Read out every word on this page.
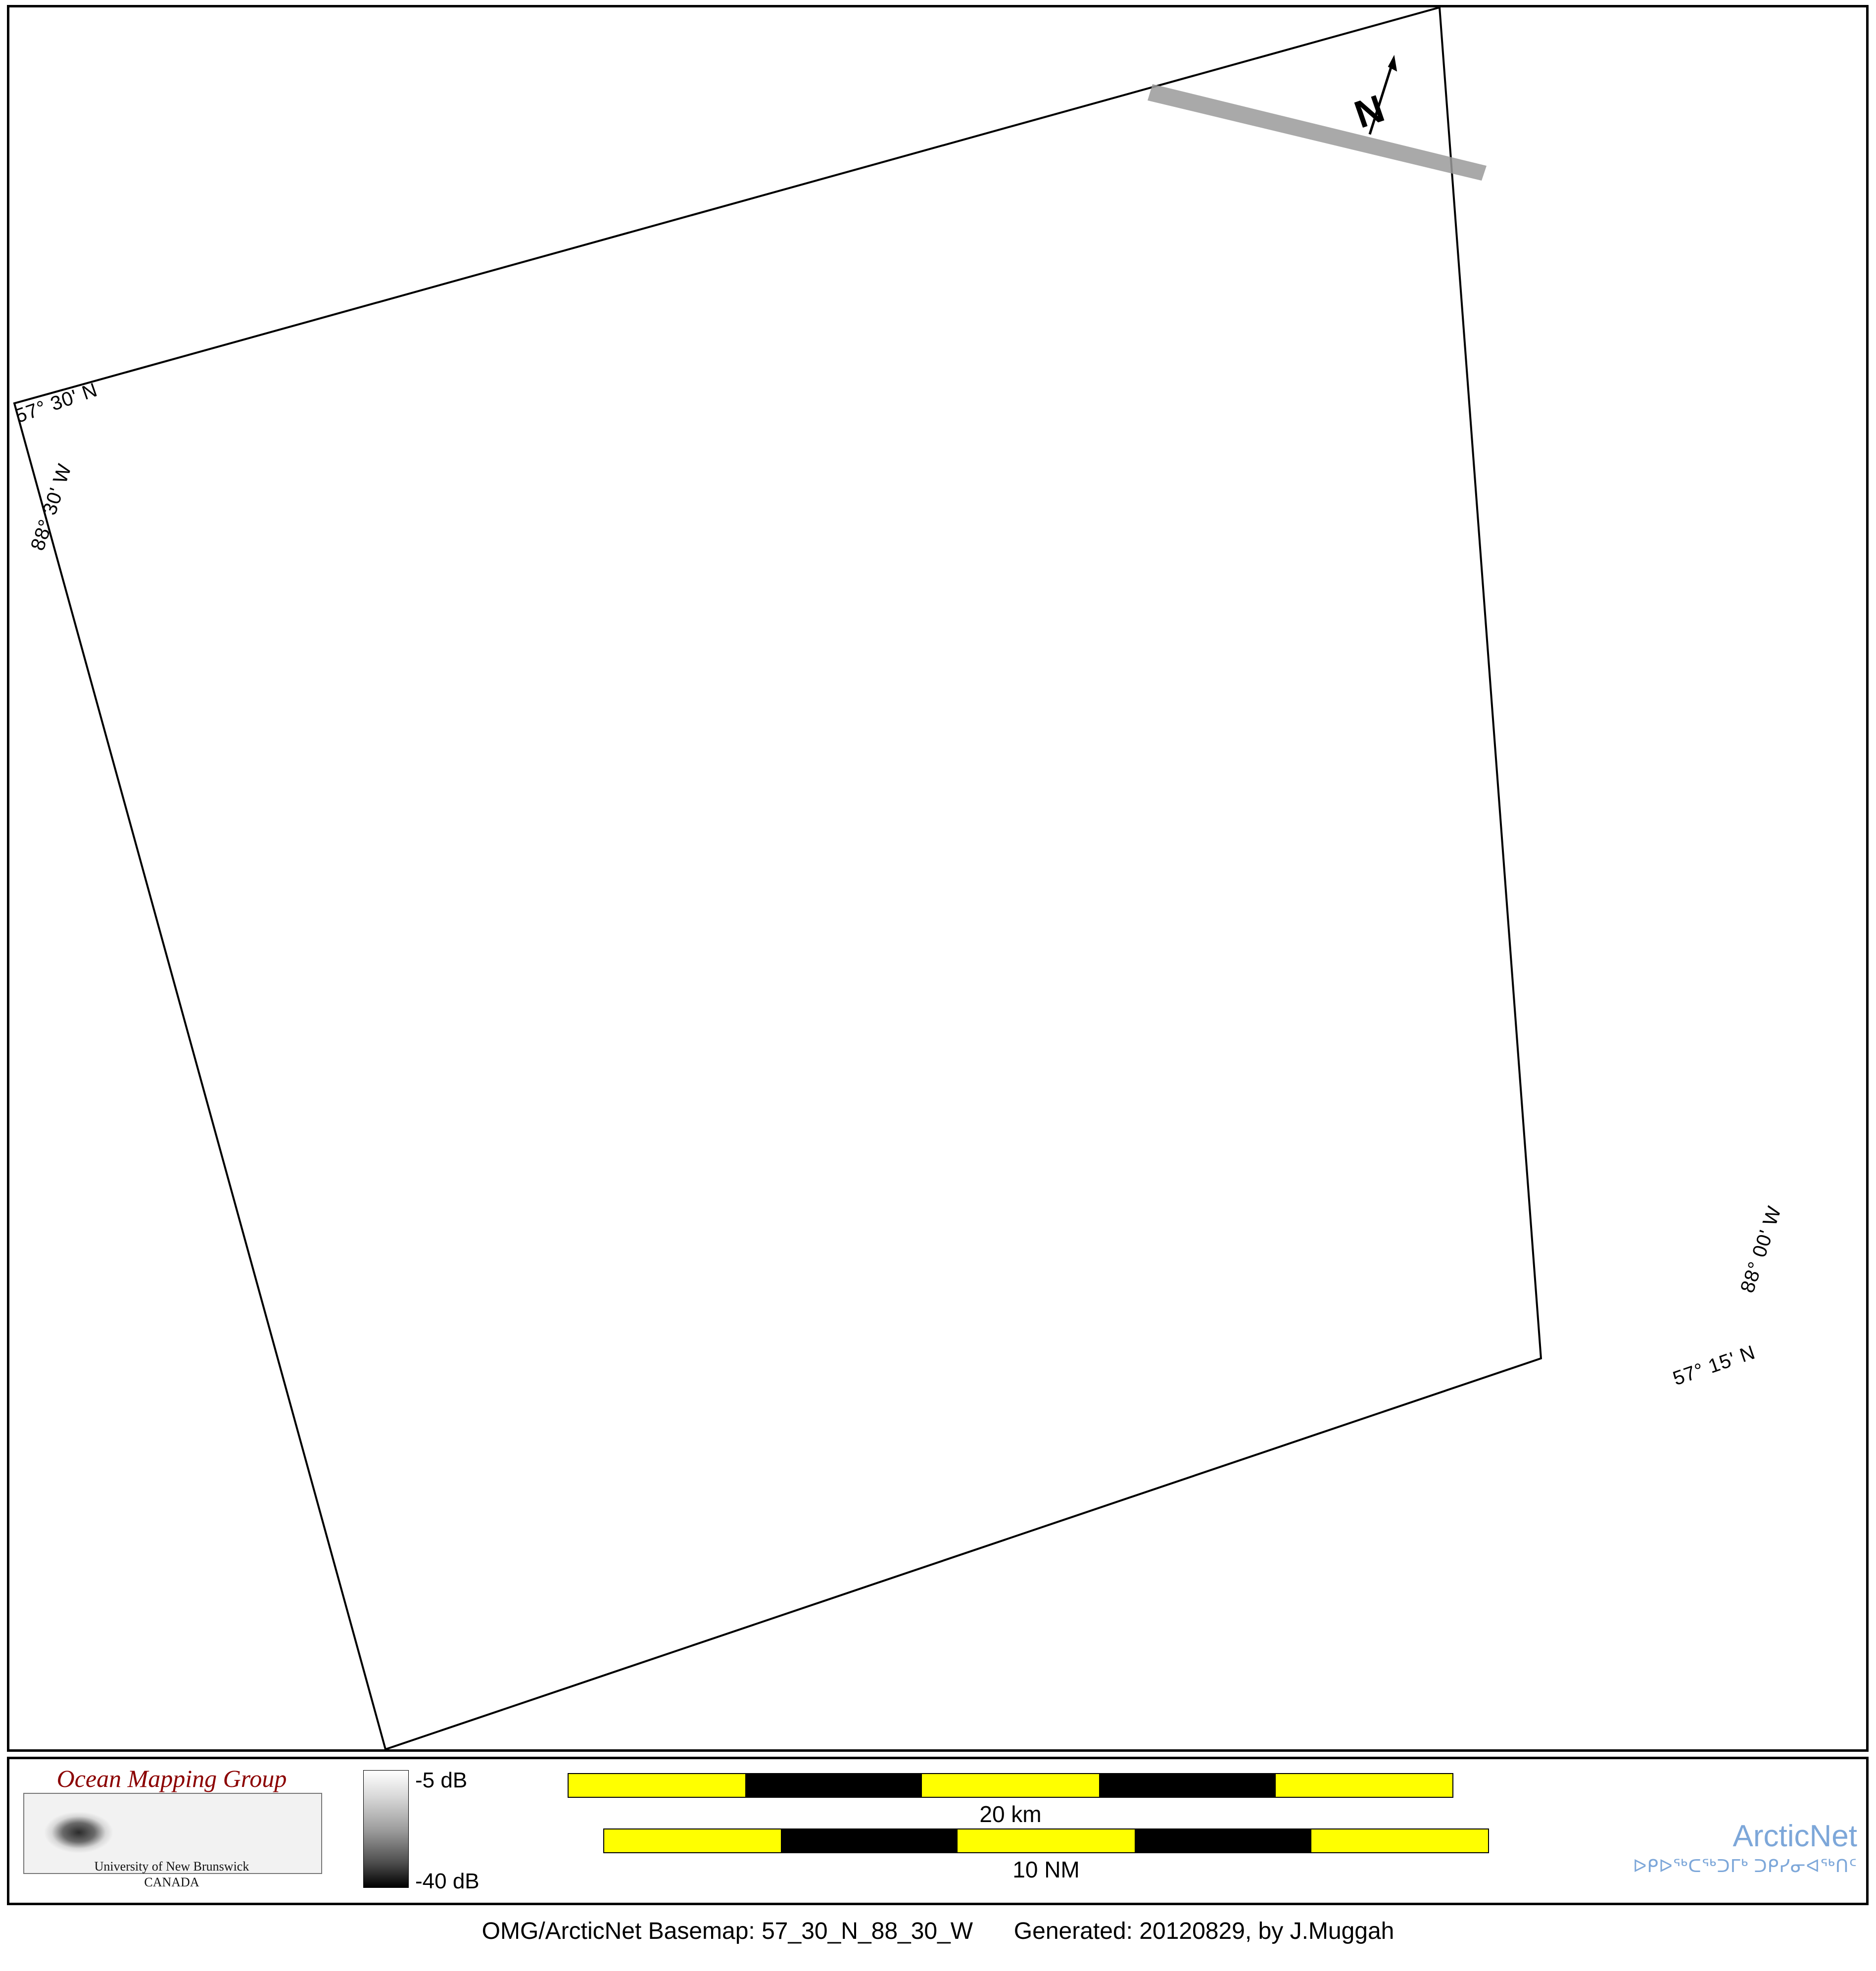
57° 30' N
88° 30' W
88° 00' W
57° 15' N
N
Ocean Mapping Group
University of New Brunswick
CANADA
-5 dB
-40 dB
20 km
10 NM
ArcticNet
ᐅᑭᐅᖅᑕᖅᑐᒥᒃ ᑐᑭᓯᓂᐊᖅᑎᑦ
OMG/ArcticNet Basemap: 57_30_N_88_30_W Generated: 20120829, by J.Muggah
